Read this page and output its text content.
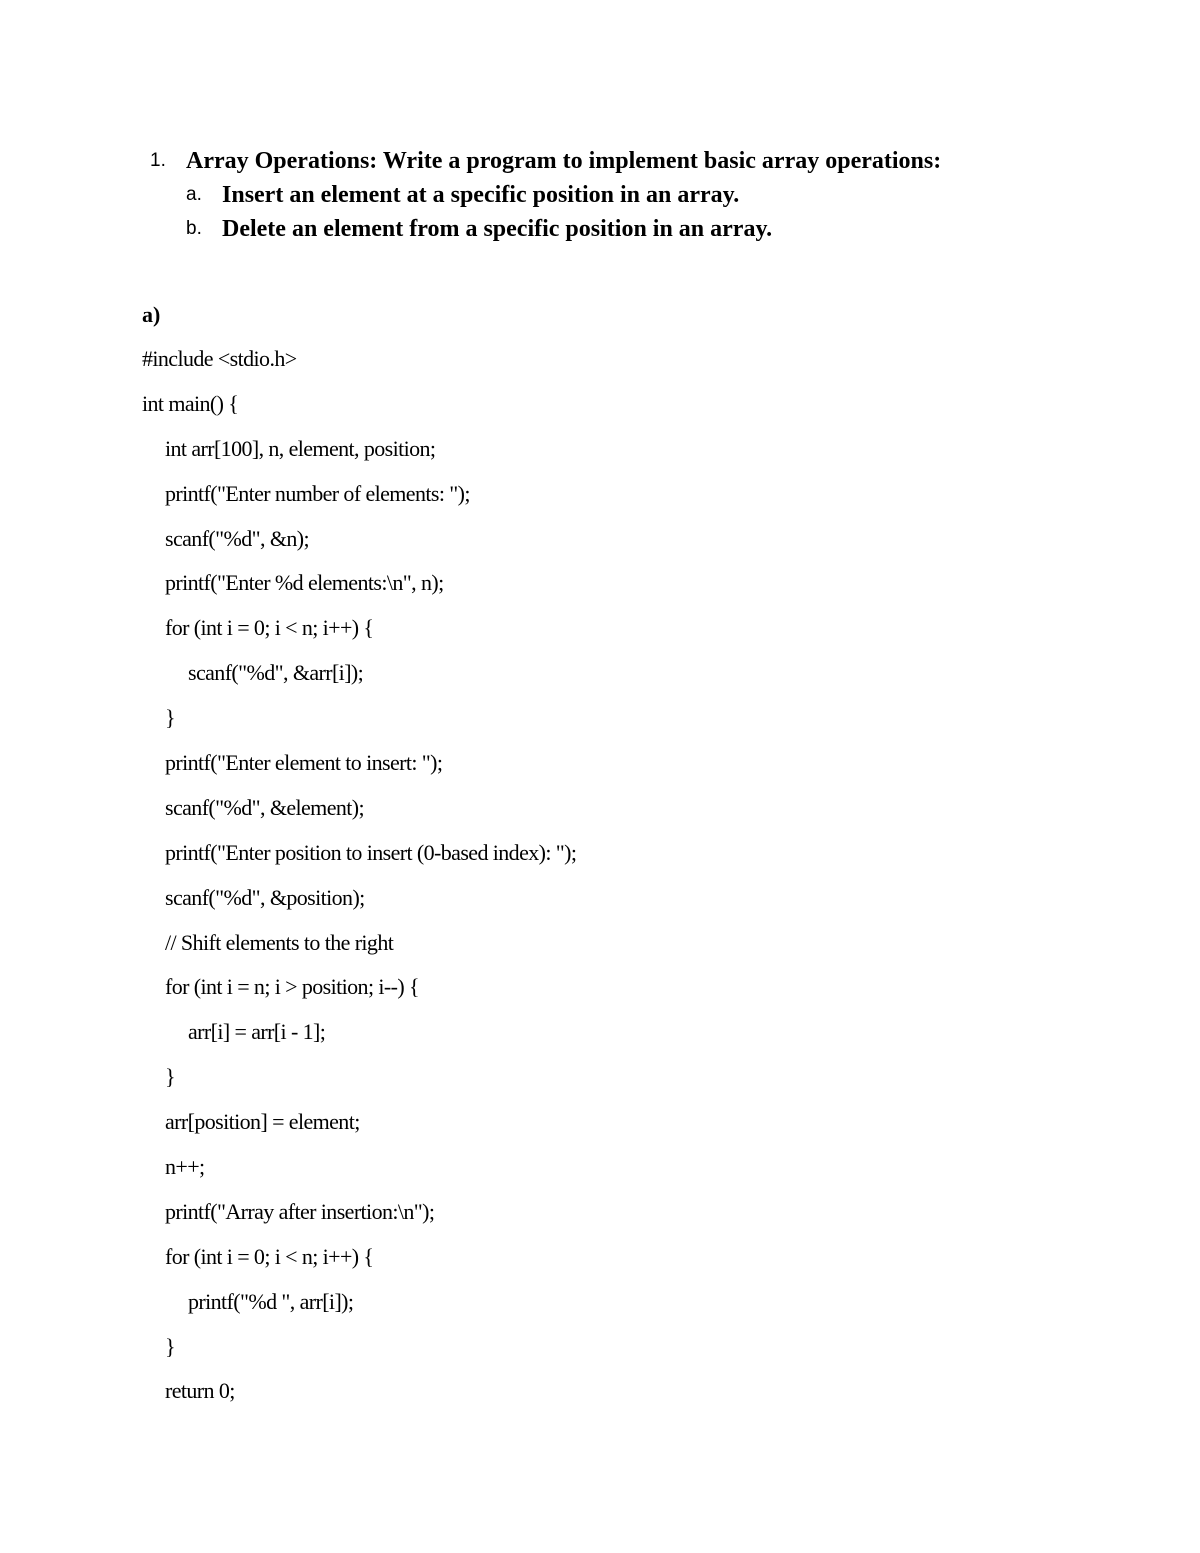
1. Array Operations: Write a program to implement basic array operations:
a. Insert an element at a specific position in an array.
b. Delete an element from a specific position in an array.
a)
#include <stdio.h>
int main() {
int arr[100], n, element, position;
printf("Enter number of elements: ");
scanf("%d", &n);
printf("Enter %d elements:\n", n);
for (int i = 0; i < n; i++) {
scanf("%d", &arr[i]);
}
printf("Enter element to insert: ");
scanf("%d", &element);
printf("Enter position to insert (0-based index): ");
scanf("%d", &position);
// Shift elements to the right
for (int i = n; i > position; i--) {
arr[i] = arr[i - 1];
}
arr[position] = element;
n++;
printf("Array after insertion:\n");
for (int i = 0; i < n; i++) {
printf("%d ", arr[i]);
}
return 0;
